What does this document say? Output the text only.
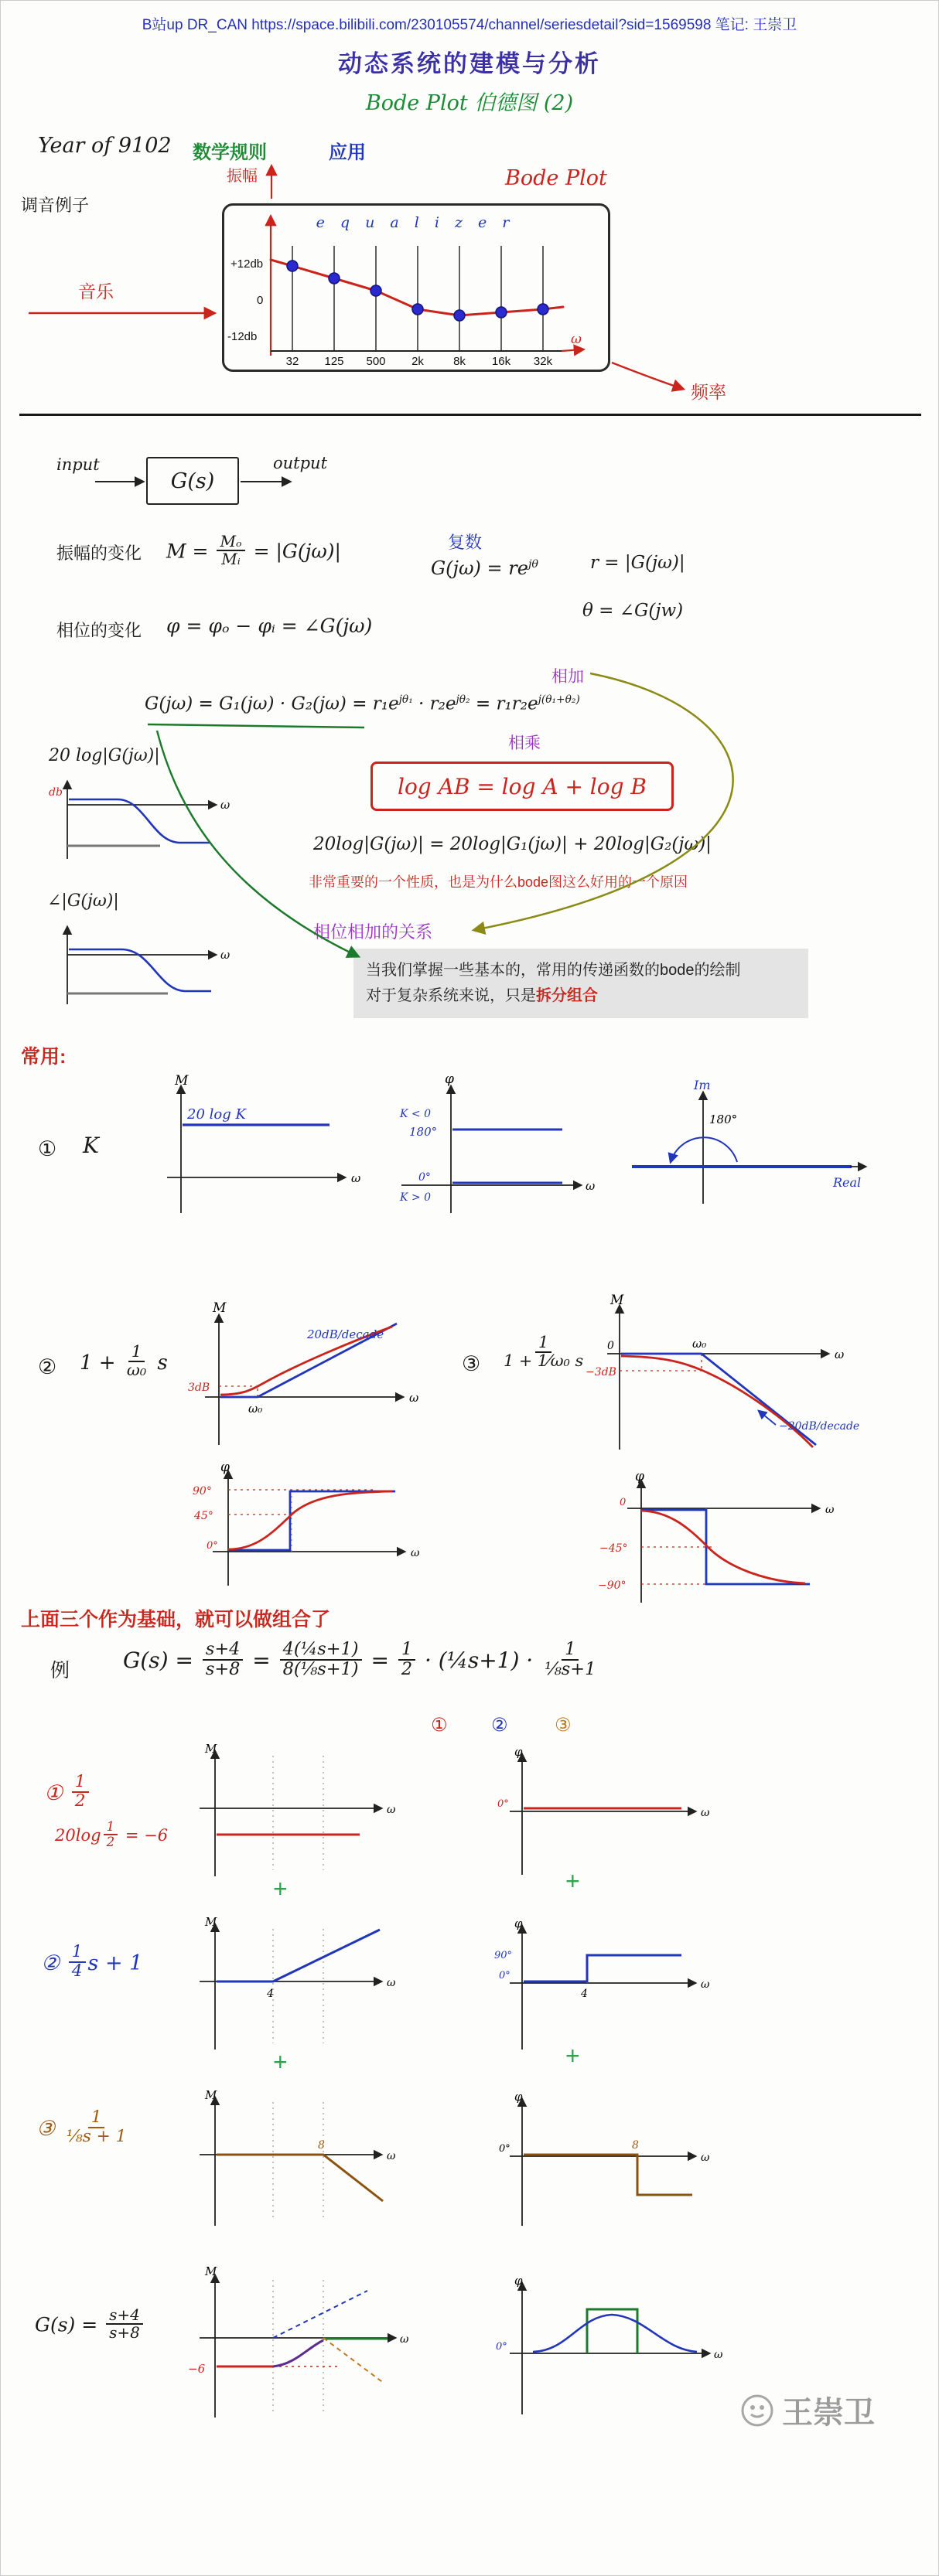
B站up DR_CAN https://space.bilibili.com/230105574/channel/seriesdetail?sid=1569598 笔记: 王崇卫
动态系统的建模与分析
Bode Plot 伯德图 (2)
Year of 9102 数学规则	应用
振幅	Bode Plot
调音例子
音乐
频率
e q u a l i z e r
+12db
0
-12db	ω
32 125 500 2k	8k 16k 32k
input
G(s)
output
振幅的变化 $M = \frac{\text{Mₒ}}{\text{Mᵢ}} = |G(j\omega)|$	复数
$G(j\omega) = re^{j\theta}$	r = |G(jω)|
θ = ∠G(jw)
相位的变化 φ = φₒ − φᵢ = ∠G(jω)
相加
$G(j\omega) = G_1(j\omega) \cdot G_2(j\omega) = r_1e^{j\theta_1} \cdot r_2e^{j\theta_2} = r_1r_2e^{j(\theta_1+\theta_2)}$
相乘
20 log|G(jω)|
db
ω
log AB = log A + log B
20log|G(jω)| = 20log|G₁(jω)| + 20log|G₂(jω)|
非常重要的一个性质，也是为什么bode图这么好用的一个原因
∠|G(jω)|
ω
相位相加的关系
当我们掌握一些基本的，常用的传递函数的bode的绘制
对于复杂系统来说，只是拆分组合
常用:
① K
M
ω
20 log K
φ
ω
K < 0
180°
0°
K > 0
Im
Real
180°
② $1 + \frac{1}{\text{ω₀}}$ s
M
ω
3dB
ω₀
20dB/decade
φ
ω
90°
45°
0°
③ $\frac{1}{\text{1 + 1⁄ω₀ s}}$
M
ω
0	ω₀
−3dB
−20dB/decade
φ
ω
0
−45°
−90°
上面三个作为基础，就可以做组合了
例 $G(s) = \frac{s+4}{s+8} = \frac{\text{4(¼s+1)}}{\text{8(⅛s+1)}} = \frac{1}{2}$ · (¼s+1) · $\frac{1}{\text{⅛s+1}}$
① ②	③
① $\frac{1}{2}$
$20\log \frac{1}{2} = -6$
M
ω
φ
ω
0°
+	+
② $\frac{1}{4}$ s + 1
M
ω
4
φ
ω
90°
0°
4
+	+
③ $\frac{1}{\text{⅛s + 1}}$
M
ω
8
φ
ω
0°	8
$G(s) = \frac{s+4}{s+8}$
M
ω
−6
φ
ω
0°
王崇卫
